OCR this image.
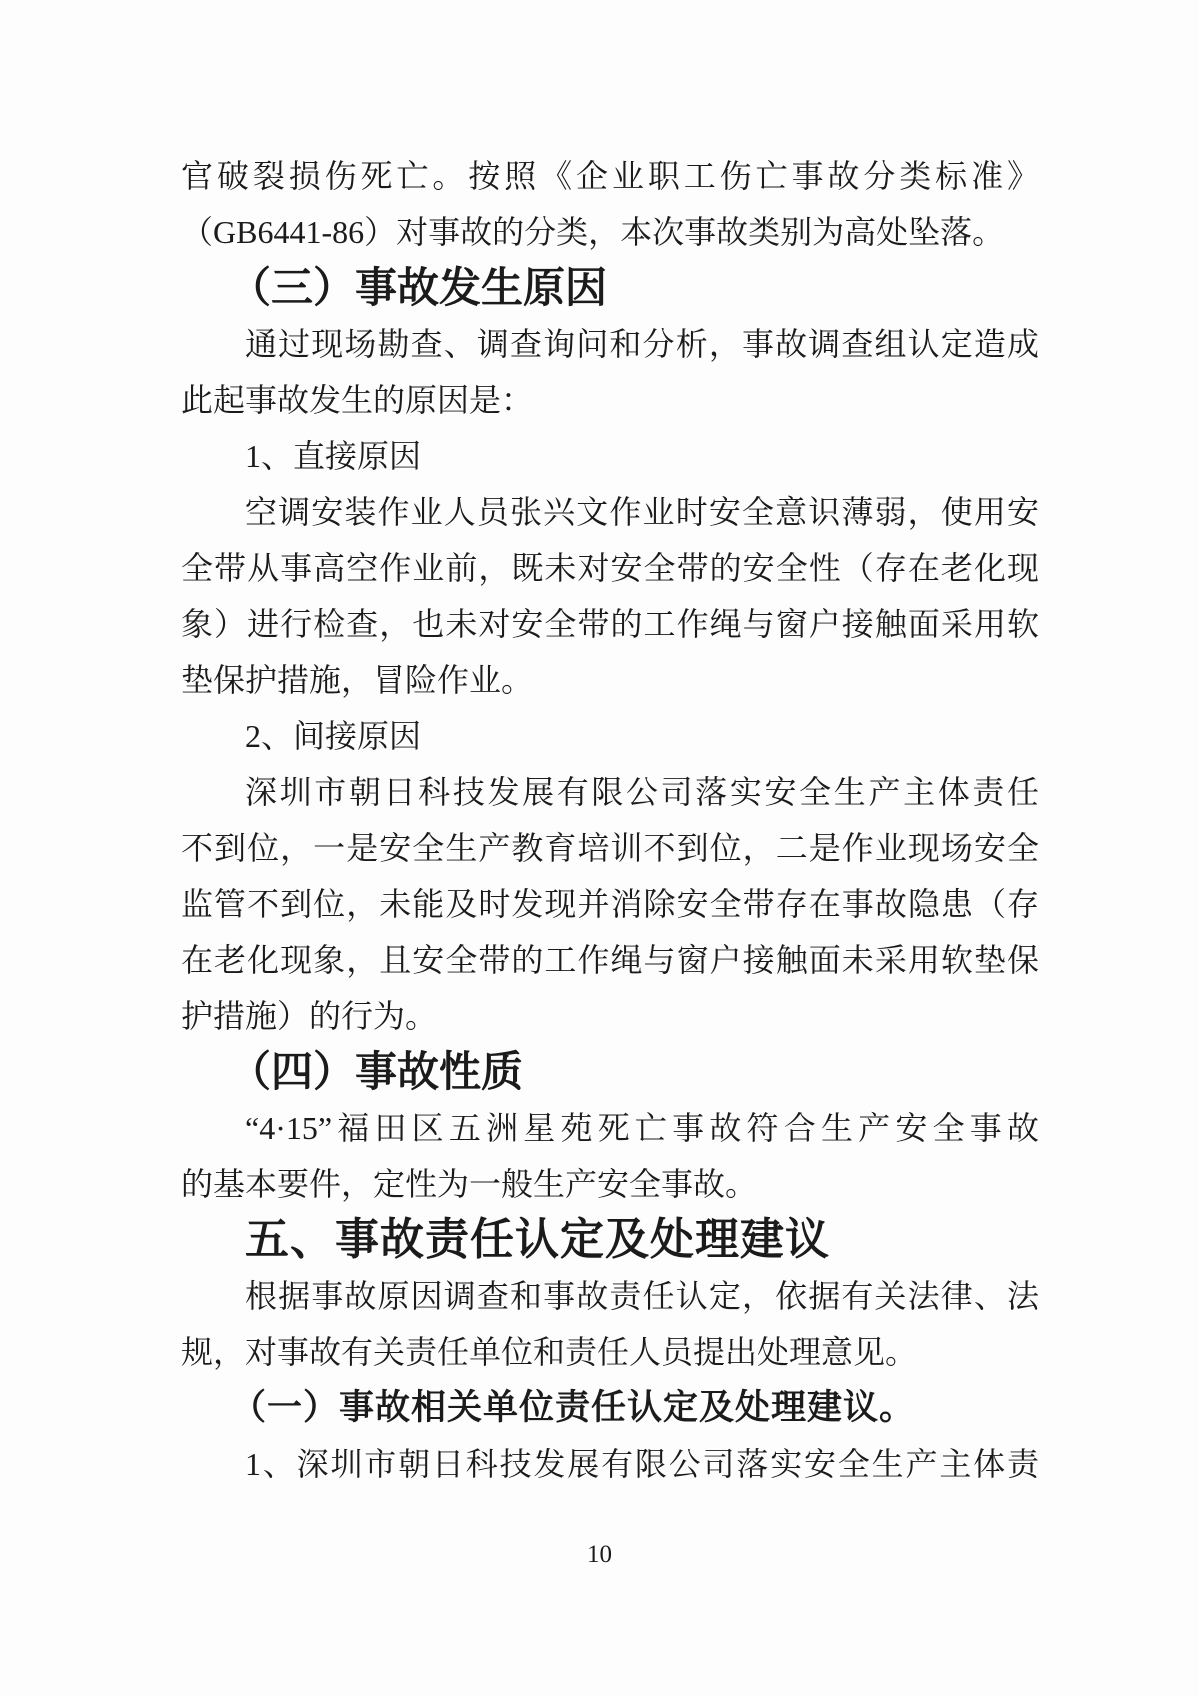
官破裂损伤死亡。按照《企业职工伤亡事故分类标准》
（GB6441-86）对事故的分类，本次事故类别为高处坠落。
（三）事故发生原因
通过现场勘查、调查询问和分析，事故调查组认定造成
此起事故发生的原因是：
1、直接原因
空调安装作业人员张兴文作业时安全意识薄弱，使用安
全带从事高空作业前，既未对安全带的安全性（存在老化现
象）进行检查，也未对安全带的工作绳与窗户接触面采用软
垫保护措施，冒险作业。
2、间接原因
深圳市朝日科技发展有限公司落实安全生产主体责任
不到位，一是安全生产教育培训不到位，二是作业现场安全
监管不到位，未能及时发现并消除安全带存在事故隐患（存
在老化现象，且安全带的工作绳与窗户接触面未采用软垫保
护措施）的行为。
（四）事故性质
“4·15”福田区五洲星苑死亡事故符合生产安全事故
的基本要件，定性为一般生产安全事故。
五、事故责任认定及处理建议
根据事故原因调查和事故责任认定，依据有关法律、法
规，对事故有关责任单位和责任人员提出处理意见。
（一）事故相关单位责任认定及处理建议。
1、深圳市朝日科技发展有限公司落实安全生产主体责
10
